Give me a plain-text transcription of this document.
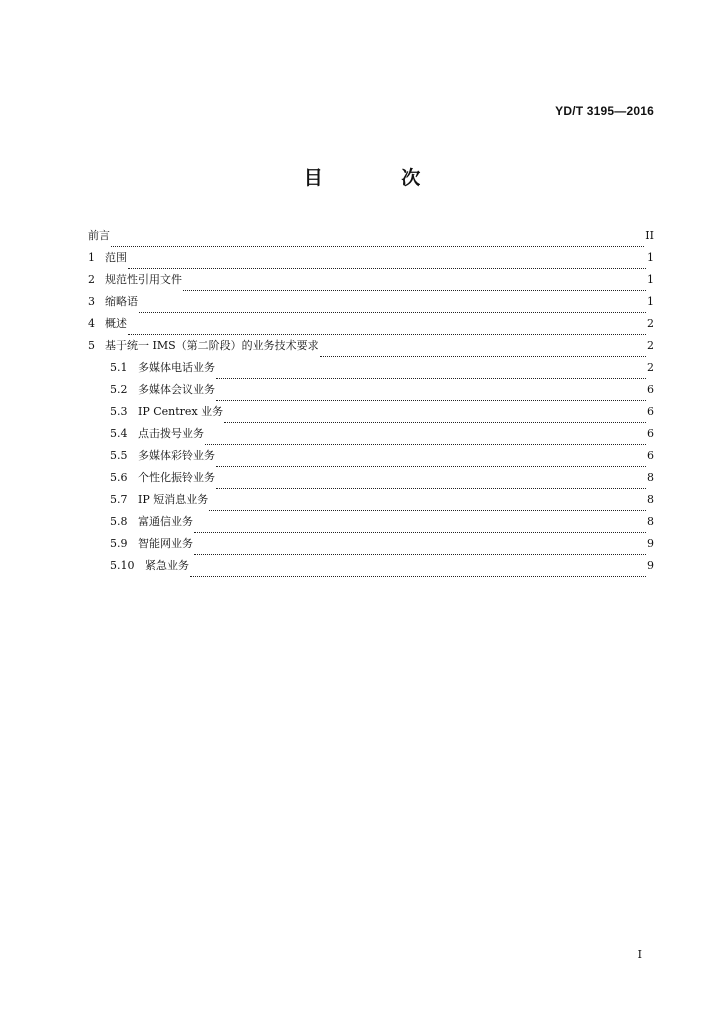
YD/T 3195—2016
目 次
前言	II
1 范围	1
2 规范性引用文件	1
3 缩略语	1
4 概述	2
5 基于统一 IMS（第二阶段）的业务技术要求	2
5.1 多媒体电话业务	2
5.2 多媒体会议业务	6
5.3 IP Centrex 业务	6
5.4 点击拨号业务	6
5.5 多媒体彩铃业务	6
5.6 个性化振铃业务	8
5.7 IP 短消息业务	8
5.8 富通信业务	8
5.9 智能网业务	9
5.10 紧急业务	9
I
